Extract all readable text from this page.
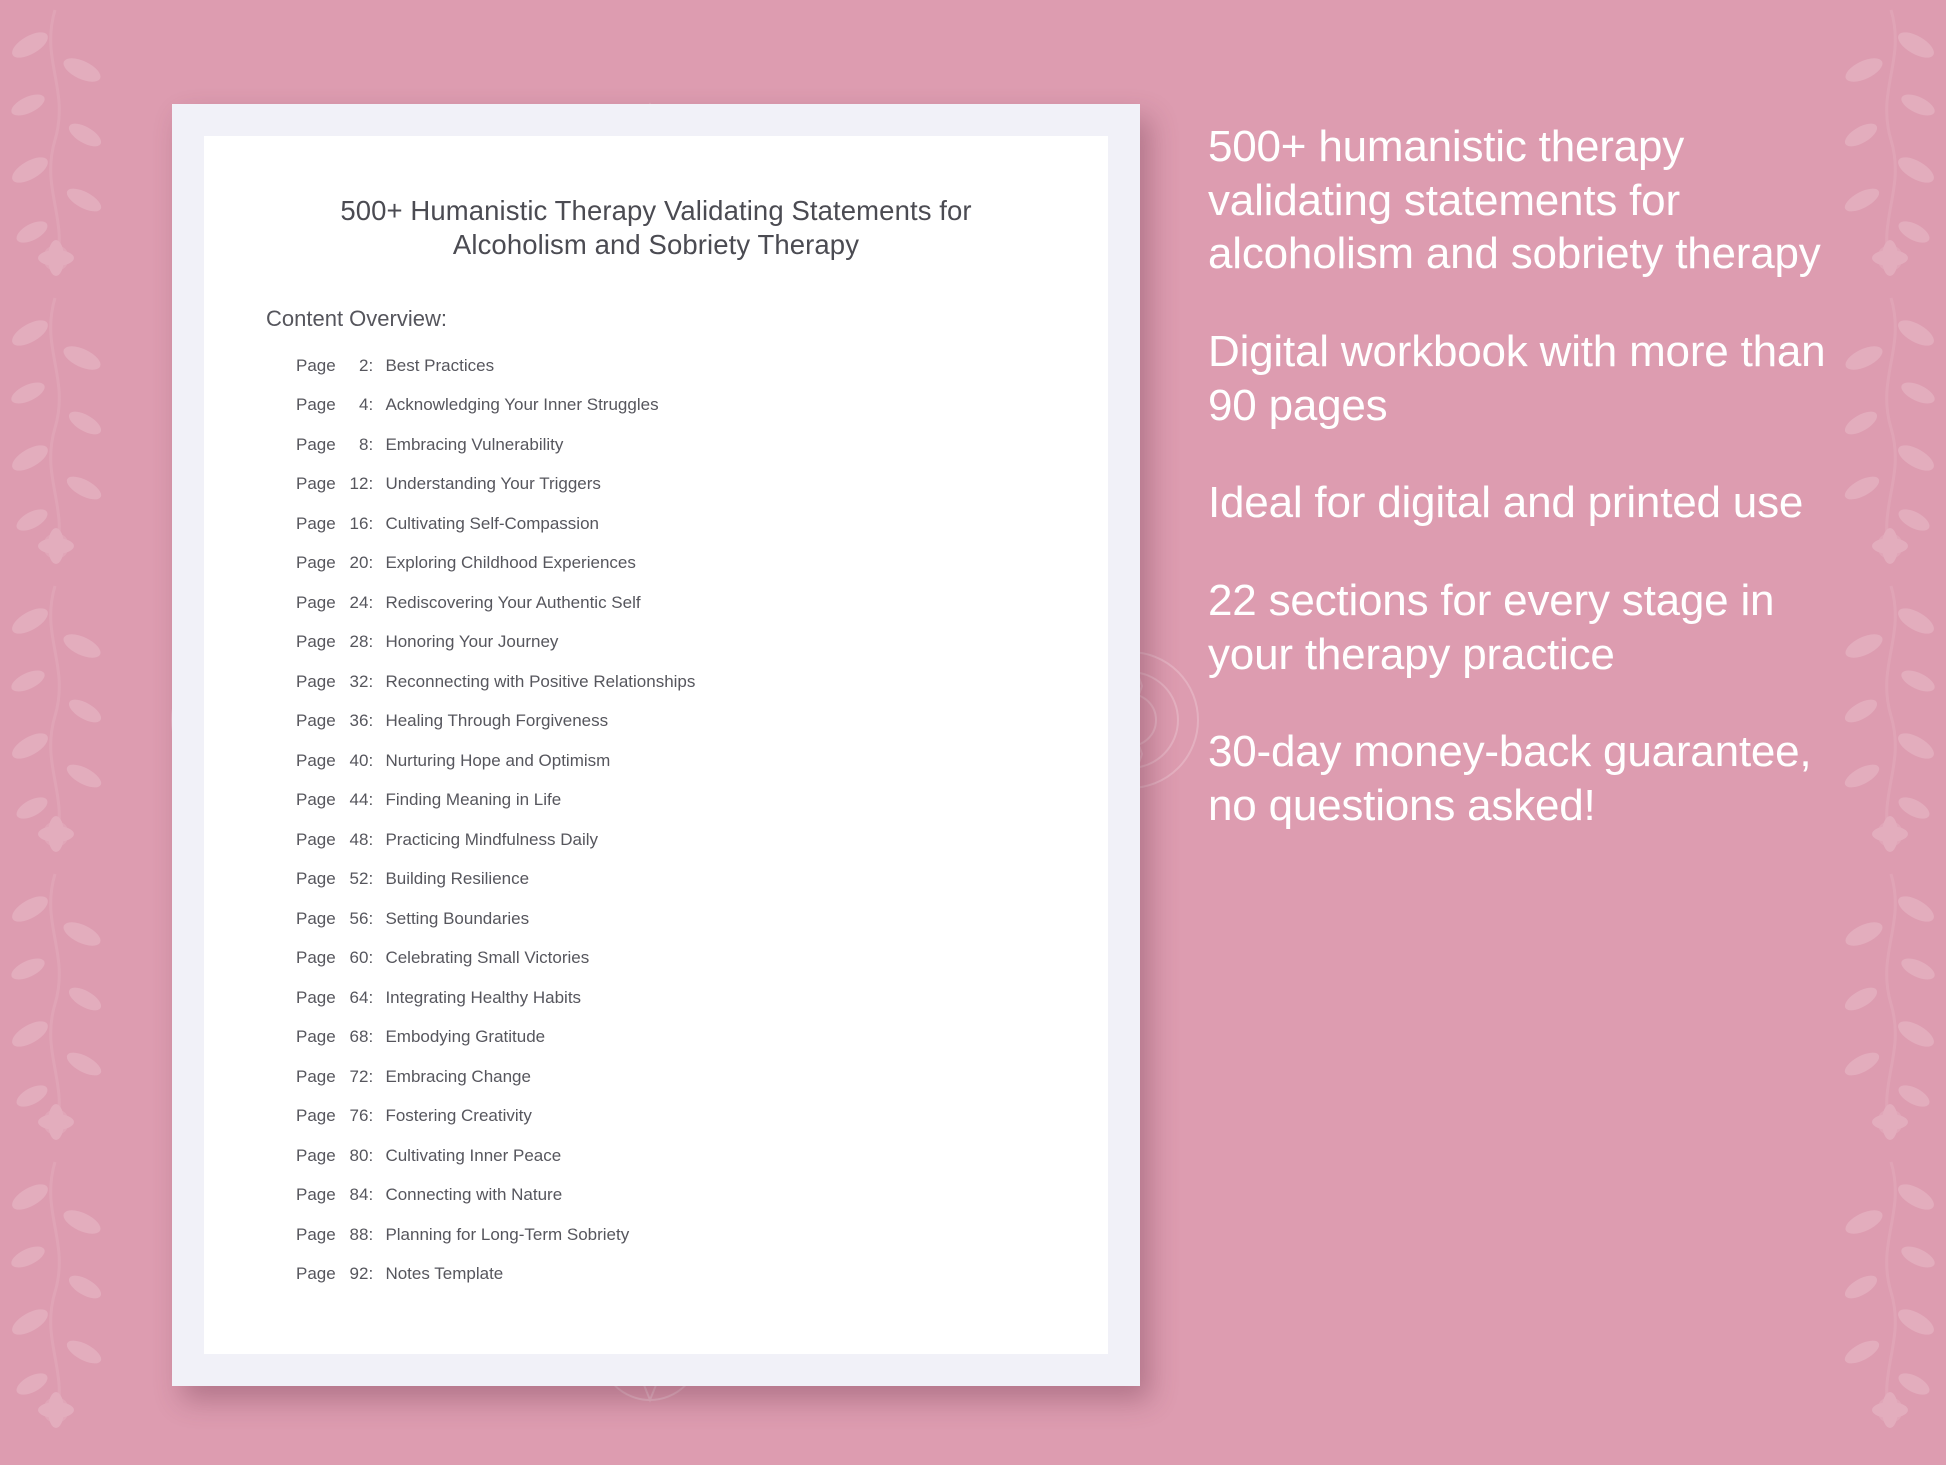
500+ Humanistic Therapy Validating Statements for Alcoholism and Sobriety Therapy

Content Overview:

Page 2: Best Practices
Page 4: Acknowledging Your Inner Struggles
Page 8: Embracing Vulnerability
Page 12: Understanding Your Triggers
Page 16: Cultivating Self-Compassion
Page 20: Exploring Childhood Experiences
Page 24: Rediscovering Your Authentic Self
Page 28: Honoring Your Journey
Page 32: Reconnecting with Positive Relationships
Page 36: Healing Through Forgiveness
Page 40: Nurturing Hope and Optimism
Page 44: Finding Meaning in Life
Page 48: Practicing Mindfulness Daily
Page 52: Building Resilience
Page 56: Setting Boundaries
Page 60: Celebrating Small Victories
Page 64: Integrating Healthy Habits
Page 68: Embodying Gratitude
Page 72: Embracing Change
Page 76: Fostering Creativity
Page 80: Cultivating Inner Peace
Page 84: Connecting with Nature
Page 88: Planning for Long-Term Sobriety
Page 92: Notes Template

500+ humanistic therapy validating statements for alcoholism and sobriety therapy

Digital workbook with more than 90 pages

Ideal for digital and printed use

22 sections for every stage in your therapy practice

30-day money-back guarantee, no questions asked!
